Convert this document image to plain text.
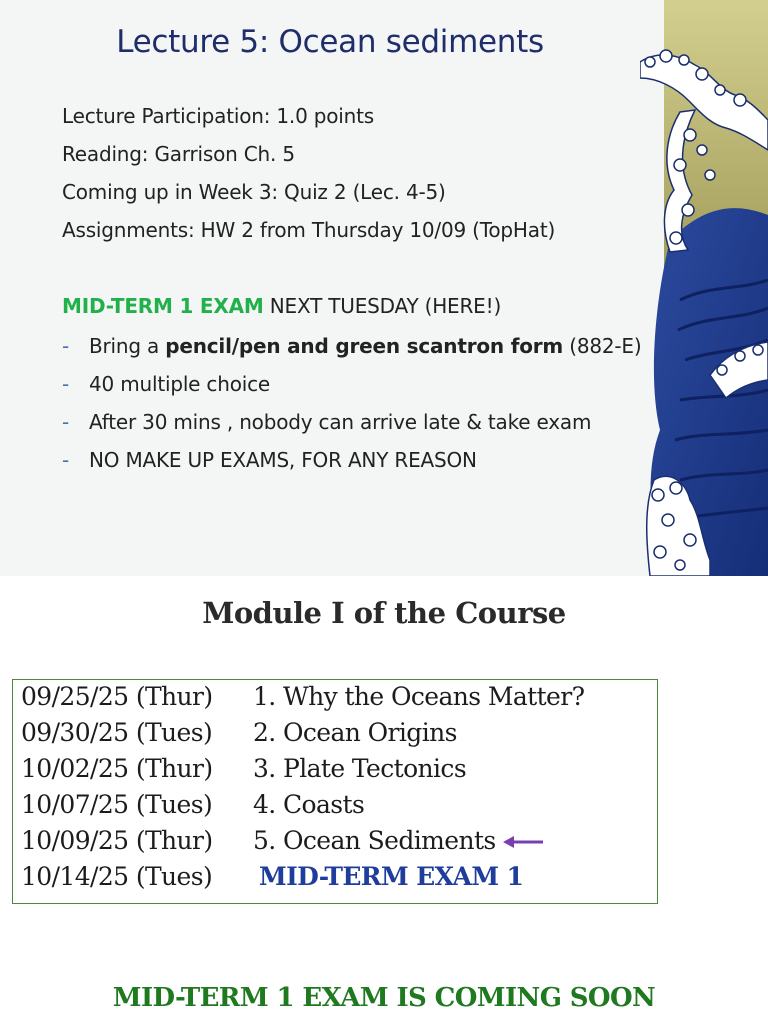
Lecture 5: Ocean sediments
Lecture Participation: 1.0 points
Reading: Garrison Ch. 5
Coming up in Week 3: Quiz 2 (Lec. 4-5)
Assignments: HW 2 from Thursday 10/09 (TopHat)
MID-TERM 1 EXAM NEXT TUESDAY (HERE!)
- Bring a pencil/pen and green scantron form (882-E)
- 40 multiple choice
- After 30 mins , nobody can arrive late & take exam
- NO MAKE UP EXAMS, FOR ANY REASON
Module I of the Course
09/25/25 (Thur) 1. Why the Oceans Matter?
09/30/25 (Tues) 2. Ocean Origins
10/02/25 (Thur) 3. Plate Tectonics
10/07/25 (Tues) 4. Coasts
10/09/25 (Thur) 5. Ocean Sediments
10/14/25 (Tues) MID-TERM EXAM 1
MID-TERM 1 EXAM IS COMING SOON
